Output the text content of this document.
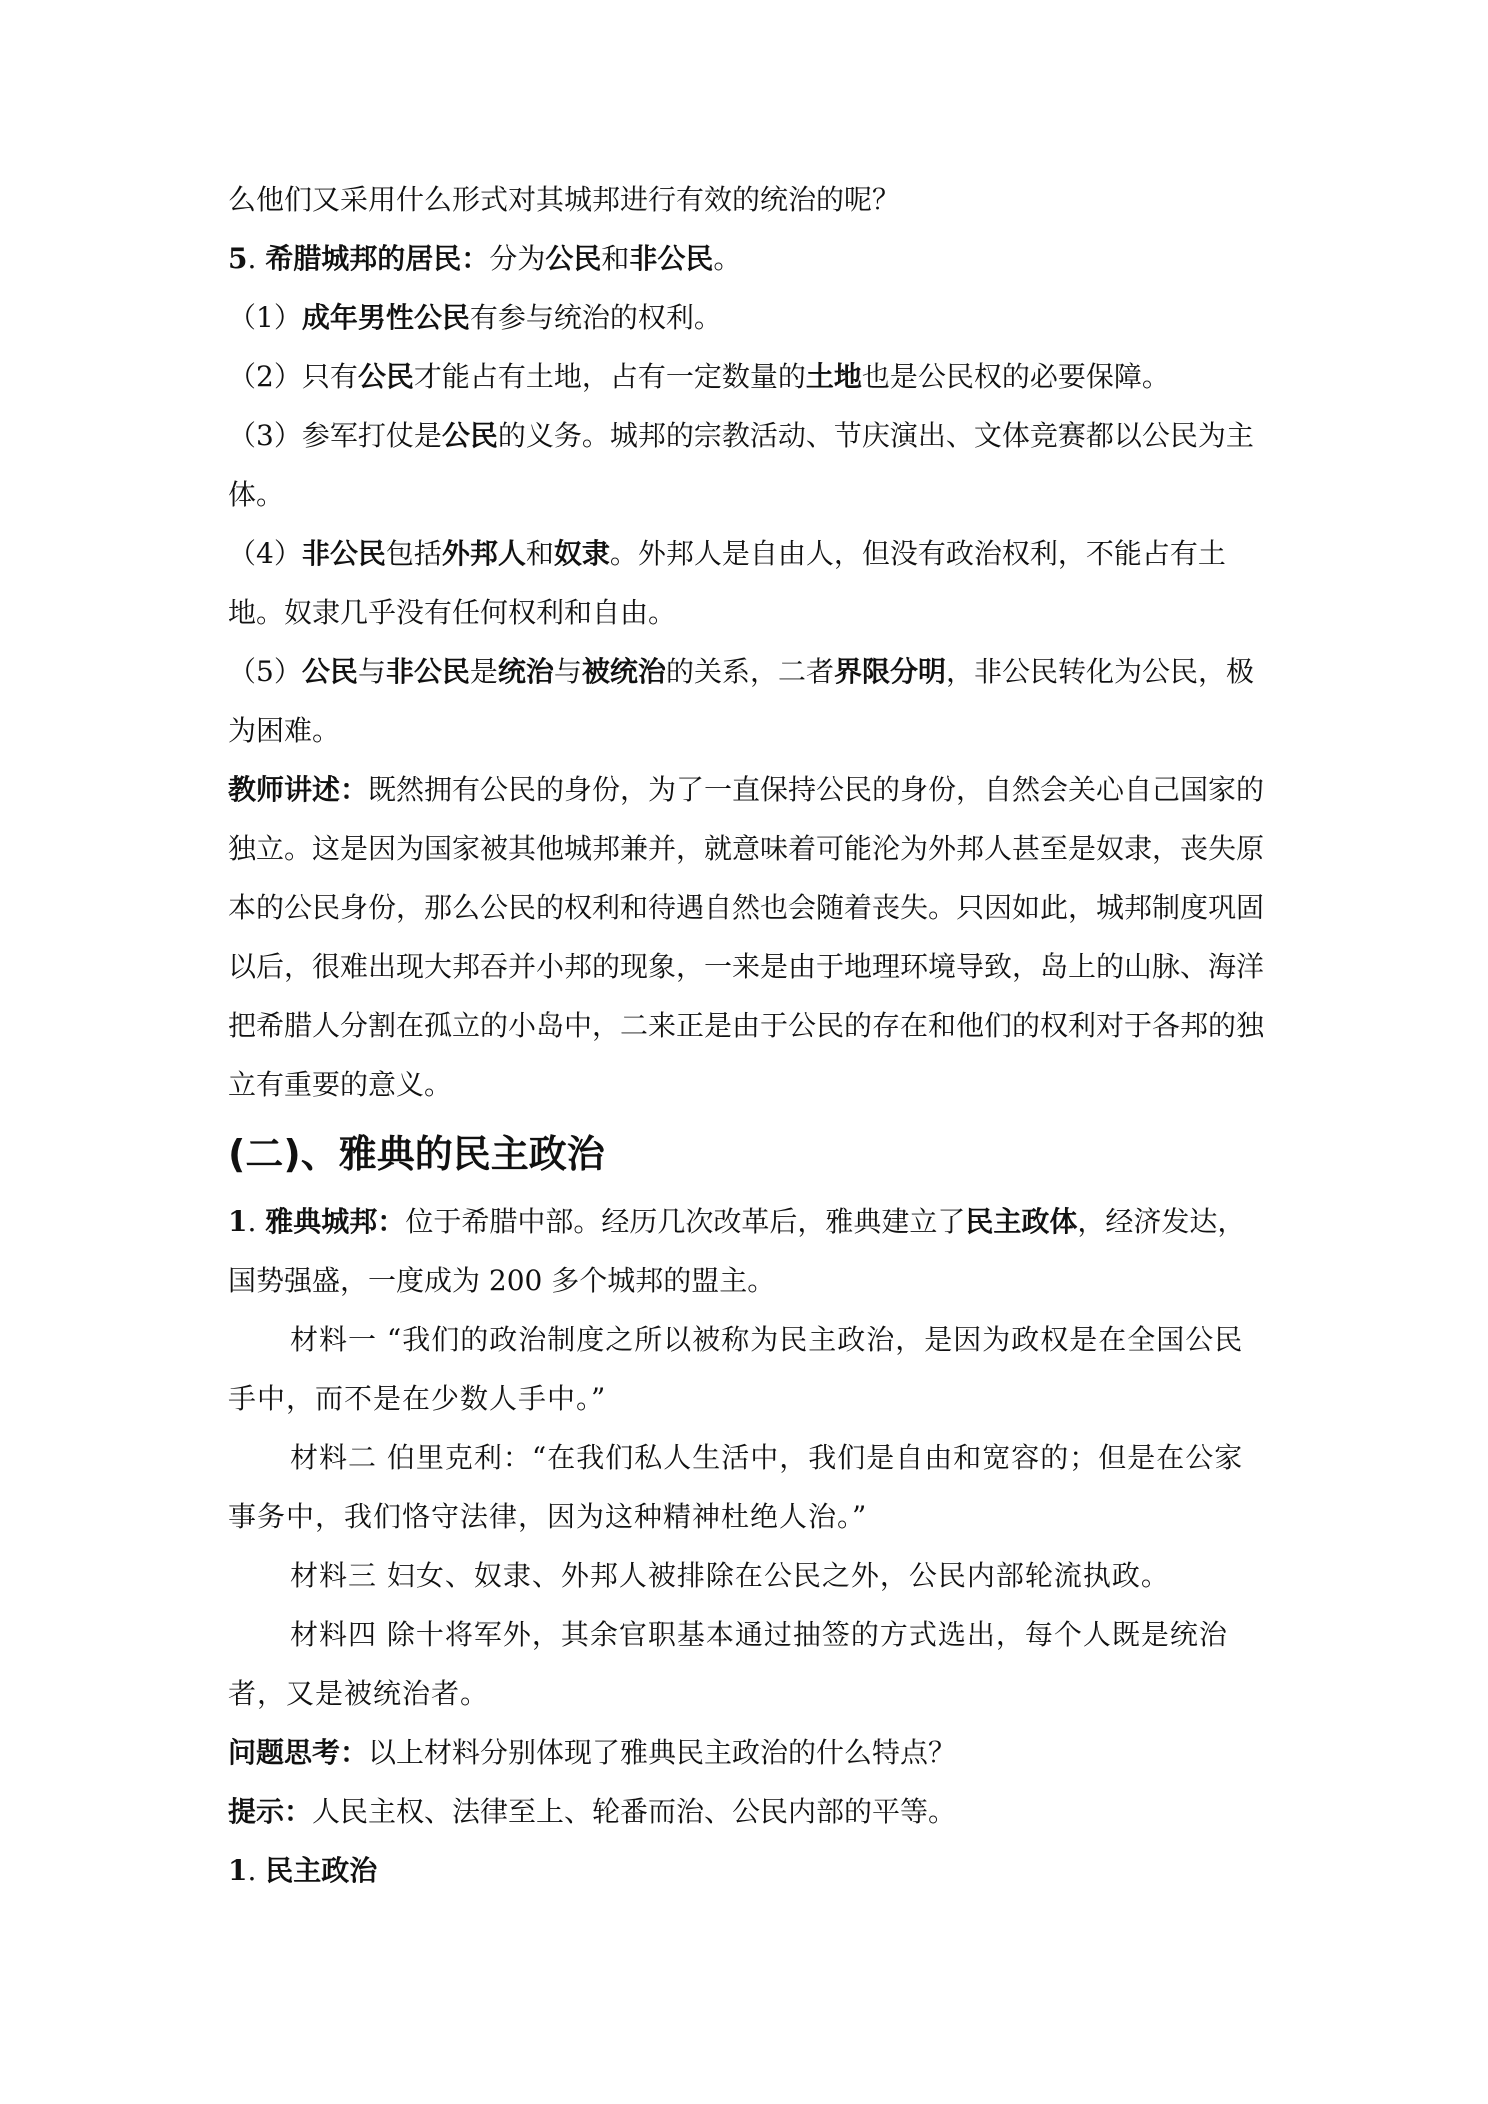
么他们又采用什么形式对其城邦进行有效的统治的呢？
5. 希腊城邦的居民：分为公民和非公民。
（1）成年男性公民有参与统治的权利。
（2）只有公民才能占有土地，占有一定数量的土地也是公民权的必要保障。
（3）参军打仗是公民的义务。城邦的宗教活动、节庆演出、文体竞赛都以公民为主体。
（4）非公民包括外邦人和奴隶。外邦人是自由人，但没有政治权利，不能占有土地。奴隶几乎没有任何权利和自由。
（5）公民与非公民是统治与被统治的关系，二者界限分明，非公民转化为公民，极为困难。
教师讲述：既然拥有公民的身份，为了一直保持公民的身份，自然会关心自己国家的独立。这是因为国家被其他城邦兼并，就意味着可能沦为外邦人甚至是奴隶，丧失原本的公民身份，那么公民的权利和待遇自然也会随着丧失。只因如此，城邦制度巩固以后，很难出现大邦吞并小邦的现象，一来是由于地理环境导致，岛上的山脉、海洋把希腊人分割在孤立的小岛中，二来正是由于公民的存在和他们的权利对于各邦的独立有重要的意义。
(二)、雅典的民主政治
1. 雅典城邦：位于希腊中部。经历几次改革后，雅典建立了民主政体，经济发达，国势强盛，一度成为 200 多个城邦的盟主。
材料一 “我们的政治制度之所以被称为民主政治，是因为政权是在全国公民手中，而不是在少数人手中。”
材料二 伯里克利：“在我们私人生活中，我们是自由和宽容的；但是在公家事务中，我们恪守法律，因为这种精神杜绝人治。”
材料三 妇女、奴隶、外邦人被排除在公民之外，公民内部轮流执政。
材料四 除十将军外，其余官职基本通过抽签的方式选出，每个人既是统治者，又是被统治者。
问题思考：以上材料分别体现了雅典民主政治的什么特点？
提示：人民主权、法律至上、轮番而治、公民内部的平等。
1. 民主政治
